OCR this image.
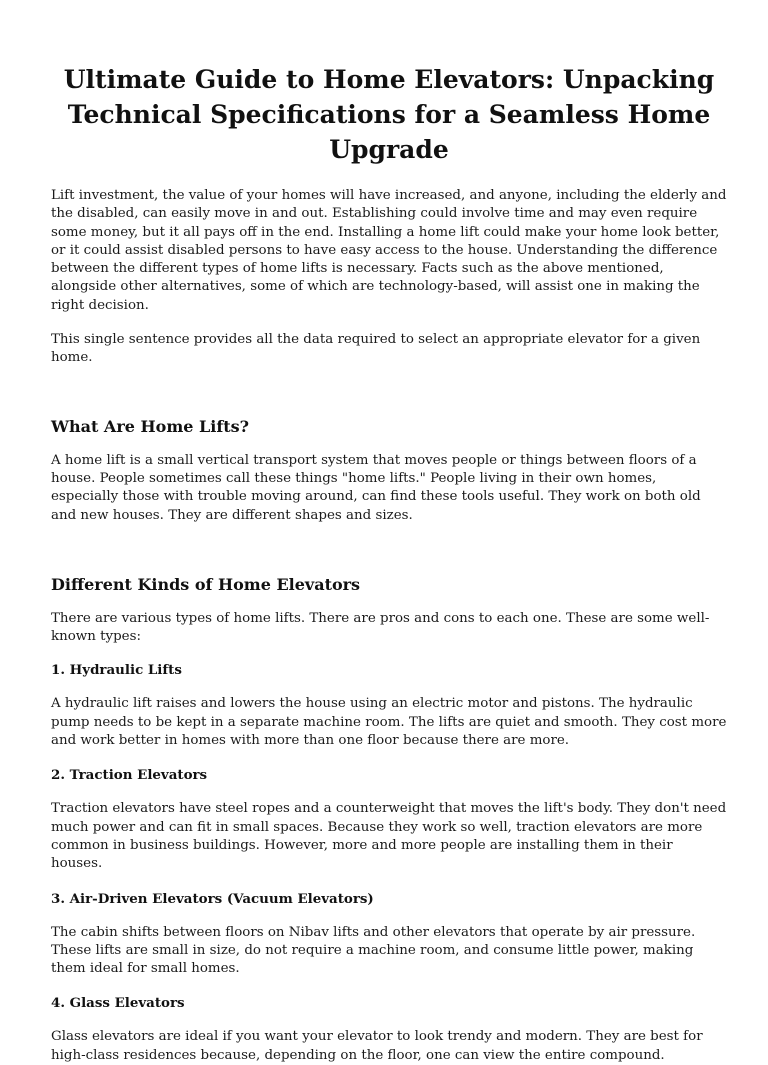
Ultimate Guide to Home Elevators: Unpacking Technical Specifications for a Seamless Home Upgrade

Lift investment, the value of your homes will have increased, and anyone, including the elderly and the disabled, can easily move in and out. Establishing could involve time and may even require some money, but it all pays off in the end. Installing a home lift could make your home look better, or it could assist disabled persons to have easy access to the house. Understanding the difference between the different types of home lifts is necessary. Facts such as the above mentioned, alongside other alternatives, some of which are technology-based, will assist one in making the right decision.

This single sentence provides all the data required to select an appropriate elevator for a given home.

What Are Home Lifts?

A home lift is a small vertical transport system that moves people or things between floors of a house. People sometimes call these things "home lifts." People living in their own homes, especially those with trouble moving around, can find these tools useful. They work on both old and new houses. They are different shapes and sizes.

Different Kinds of Home Elevators

There are various types of home lifts. There are pros and cons to each one. These are some well-known types:

1. Hydraulic Lifts

A hydraulic lift raises and lowers the house using an electric motor and pistons. The hydraulic pump needs to be kept in a separate machine room. The lifts are quiet and smooth. They cost more and work better in homes with more than one floor because there are more.

2. Traction Elevators

Traction elevators have steel ropes and a counterweight that moves the lift's body. They don't need much power and can fit in small spaces. Because they work so well, traction elevators are more common in business buildings. However, more and more people are installing them in their houses.

3. Air-Driven Elevators (Vacuum Elevators)

The cabin shifts between floors on Nibav lifts and other elevators that operate by air pressure. These lifts are small in size, do not require a machine room, and consume little power, making them ideal for small homes.

4. Glass Elevators

Glass elevators are ideal if you want your elevator to look trendy and modern. They are best for high-class residences because, depending on the floor, one can view the entire compound.
